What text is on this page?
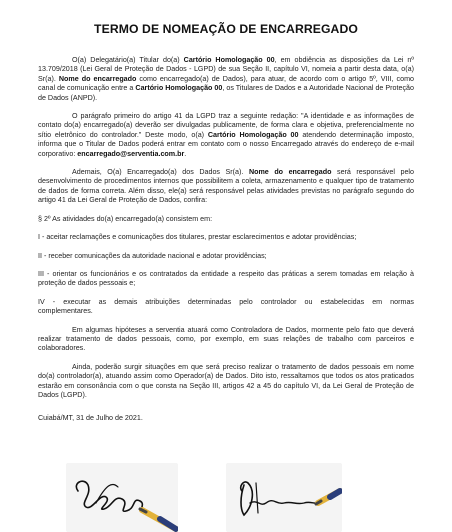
TERMO DE NOMEAÇÃO DE ENCARREGADO

O(a) Delegatário(a) Titular do(a) Cartório Homologação 00, em obdiência as disposições da Lei nº 13.709/2018 (Lei Geral de Proteção de Dados - LGPD) de sua Seção II, capítulo VI, nomeia a partir desta data, o(a) Sr(a). Nome do encarregado como encarregado(a) de Dados), para atuar, de acordo com o artigo 5º, VIII, como canal de comunicação entre a Cartório Homologação 00, os Titulares de Dados e a Autoridade Nacional de Proteção de Dados (ANPD).

O parágrafo primeiro do artigo 41 da LGPD traz a seguinte redação: "A identidade e as informações de contato do(a) encarregado(a) deverão ser divulgadas publicamente, de forma clara e objetiva, preferencialmente no sítio eletrônico do controlador." Deste modo, o(a) Cartório Homologação 00 atendendo determinação imposto, informa que o Titular de Dados poderá entrar em contato com o nosso Encarregado através do endereço de e-mail corporativo: encarregado@serventia.com.br.

Ademais, O(a) Encarregado(a) dos Dados Sr(a). Nome do encarregado será responsável pelo desenvolvimento de procedimentos internos que possibilitem a coleta, armazenamento e qualquer tipo de tratamento de dados de forma correta. Além disso, ele(a) será responsável pelas atividades previstas no parágrafo segundo do artigo 41 da Lei Geral de Proteção de Dados, confira:

§ 2º As atividades do(a) encarregado(a) consistem em:

I - aceitar reclamações e comunicações dos titulares, prestar esclarecimentos e adotar providências;

II - receber comunicações da autoridade nacional e adotar providências;

III - orientar os funcionários e os contratados da entidade a respeito das práticas a serem tomadas em relação à proteção de dados pessoais e;

IV - executar as demais atribuições determinadas pelo controlador ou estabelecidas em normas          complementares.

Em algumas hipóteses a serventia atuará como Controladora de Dados, mormente pelo fato que deverá realizar tratamento de dados pessoais, como, por exemplo, em suas relações de trabalho com parceiros e colaboradores.

Ainda, poderão surgir situações em que será preciso realizar o tratamento de dados pessoais em nome do(a) controlador(a), atuando assim como Operador(a) de Dados. Dito isto, ressaltamos que todos os atos praticados estarão em consonância com o que consta na Seção III, artigos 42 a 45 do capítulo VI, da Lei Geral de Proteção de Dados (LGPD).

Cuiabá/MT, 31 de Julho de 2021.
